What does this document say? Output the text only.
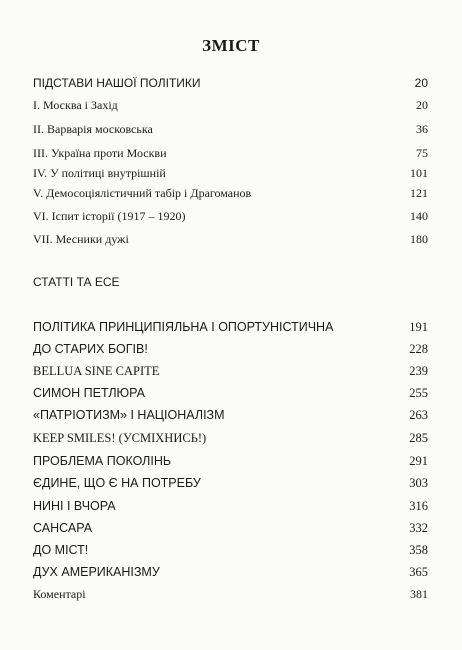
ЗМІСТ
ПІДСТАВИ НАШОЇ ПОЛІТИКИ	20
I. Москва і Захід	20
II. Варварія московська	36
III. Україна проти Москви	75
IV. У політиці внутрішній	101
V. Демосоціялістичний табір і Драгоманов	121
VI. Іспит історії (1917 – 1920)	140
VII. Месники дужі	180
СТАТТІ ТА ЕСЕ
ПОЛІТИКА ПРИНЦИПІЯЛЬНА І ОПОРТУНІСТИЧНА	191
ДО СТАРИХ БОГІВ!	228
BELLUA SINE CAPITE	239
СИМОН ПЕТЛЮРА	255
«ПАТРІОТИЗМ» І НАЦІОНАЛІЗМ	263
KEEP SMILES! (УСМІХНИСЬ!)	285
ПРОБЛЕМА ПОКОЛІНЬ	291
ЄДИНЕ, ЩО Є НА ПОТРЕБУ	303
НИНІ І ВЧОРА	316
САНСАРА	332
ДО МІСТ!	358
ДУХ АМЕРИКАНІЗМУ	365
Коментарі	381
